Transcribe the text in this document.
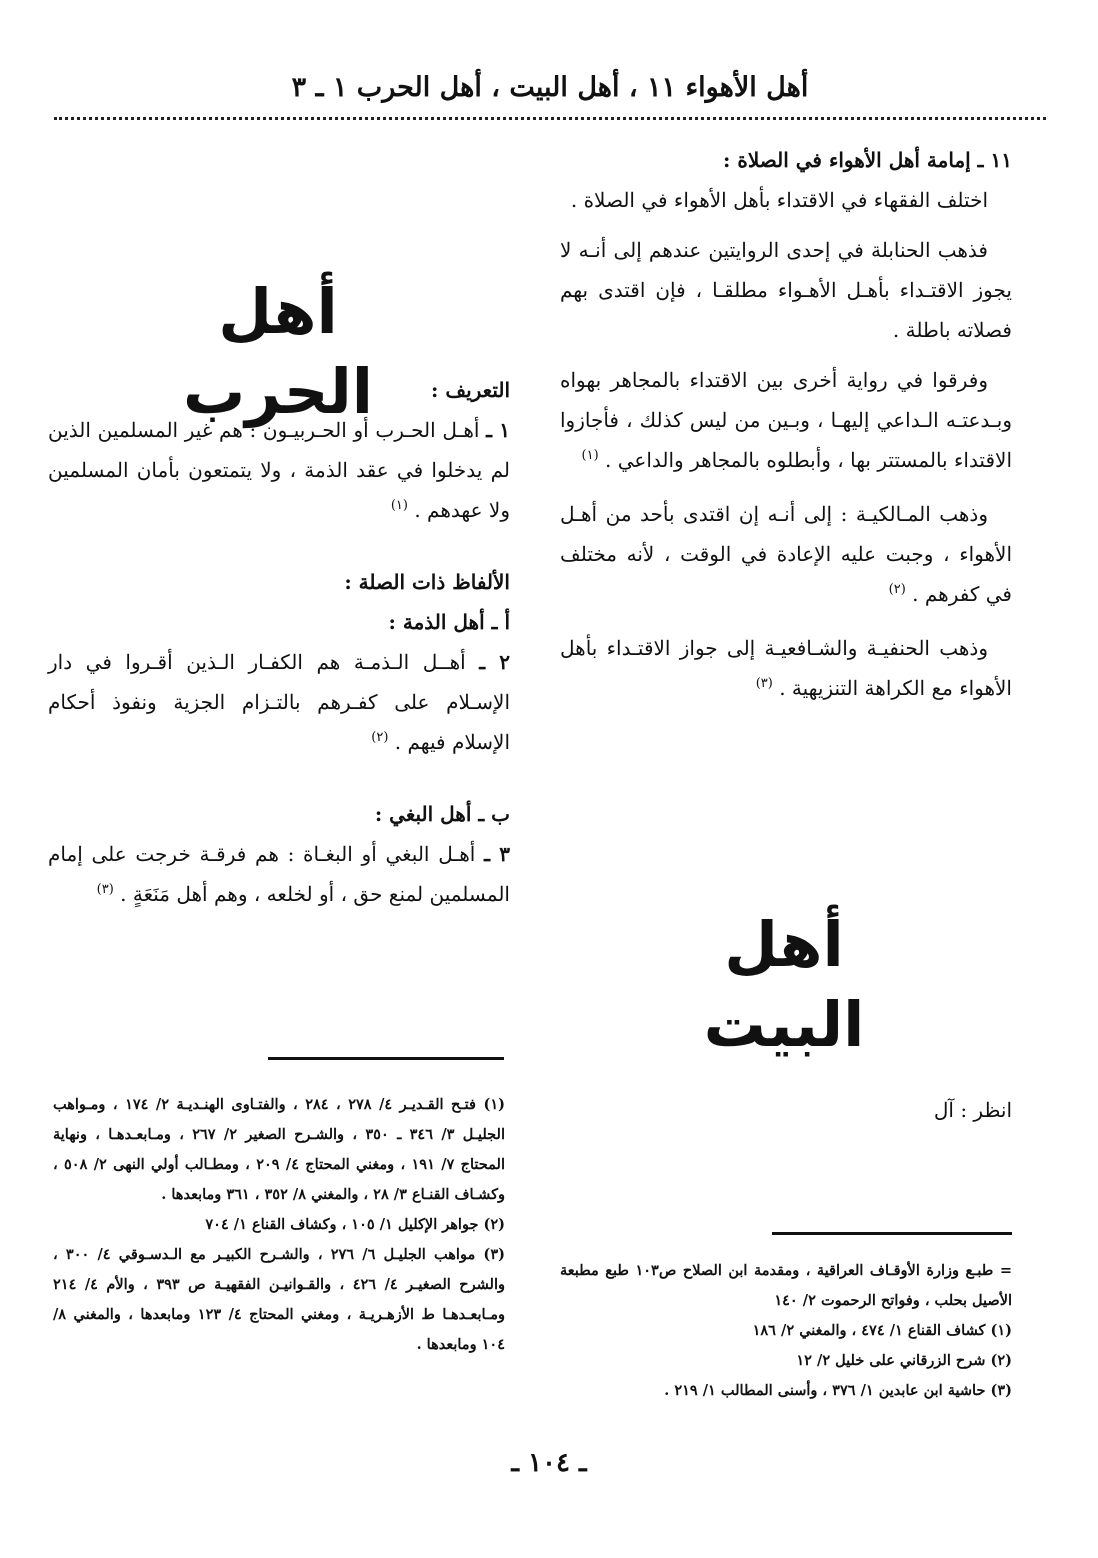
أهل الأهواء ١١ ، أهل البيت ، أهل الحرب ١ ـ ٣

١١ ـ إمامة أهل الأهواء في الصلاة :

اختلف الفقهاء في الاقتداء بأهل الأهواء في الصلاة .

فذهب الحنابلة في إحدى الروايتين عندهم إلى أنـه لا يجوز الاقتـداء بأهـل الأهـواء مطلقـا ، فإن اقتدى بهم فصلاته باطلة .

وفرقوا في رواية أخرى بين الاقتداء بالمجاهر بهواه وبـدعتـه الـداعي إليهـا ، وبـين من ليس كذلك ، فأجازوا الاقتداء بالمستتر بها ، وأبطلوه بالمجاهر والداعي . $^{(١)}$

وذهب المـالكيـة : إلى أنـه إن اقتدى بأحد من أهـل الأهواء ، وجبت عليه الإعادة في الوقت ، لأنه مختلف في كفرهم . $^{(٢)}$

وذهب الحنفيـة والشـافعيـة إلى جواز الاقتـداء بأهل الأهواء مع الكراهة التنزيهية . $^{(٣)}$

أهل الحرب	التعريف :

١ ـ أهـل الحـرب أو الحـربيـون : هم غير المسلمين الذين لم يدخلوا في عقد الذمة ، ولا يتمتعون بأمان المسلمين ولا عهدهم . $^{(١)}$

الألفاظ ذات الصلة :

أ ـ أهل الذمة :

٢ ـ أهــل الـذمـة هم الكفـار الـذين أقـروا في دار الإسـلام على كفـرهم بالتـزام الجزية ونفوذ أحكام الإسلام فيهم . $^{(٢)}$

ب ـ أهل البغي :

٣ ـ أهـل البغي أو البغـاة : هم فرقـة خرجت على إمام المسلمين لمنع حق ، أو لخلعه ، وهم أهل مَنَعَةٍ . $^{(٣)}$

أهل البيت
انظر : آل

(١) فتـح القـديـر ٤/ ٢٧٨ ، ٢٨٤ ، والفتـاوى الهنـديـة ٢/ ١٧٤ ، ومـواهب الجليـل ٣/ ٣٤٦ ـ ٣٥٠ ، والشـرح الصغير ٢/ ٢٦٧ ، ومـابعـدهـا ، ونهاية المحتاج ٧/ ١٩١ ، ومغني المحتاج ٤/ ٢٠٩ ، ومطـالب أولي النهى ٢/ ٥٠٨ ، وكشـاف القنـاع ٣/ ٢٨ ، والمغني ٨/ ٣٥٢ ، ٣٦١ ومابعدها .

(٢) جواهر الإكليل ١/ ١٠٥ ، وكشاف القناع ١/ ٧٠٤

(٣) مواهب الجليـل ٦/ ٢٧٦ ، والشـرح الكبيـر مع الـدسـوقي ٤/ ٣٠٠ ، والشرح الصغيـر ٤/ ٤٢٦ ، والقـوانيـن الفقهيـة ص ٣٩٣ ، والأم ٤/ ٢١٤ ومـابعـدهـا ط الأزهـريـة ، ومغني المحتاج ٤/ ١٢٣ ومابعدها ، والمغني ٨/ ١٠٤ ومابعدها .

= طبـع وزارة الأوقـاف العراقية ، ومقدمة ابن الصلاح ص١٠٣ طبع مطبعة الأصيل بحلب ، وفواتح الرحموت ٢/ ١٤٠

(١) كشاف القناع ١/ ٤٧٤ ، والمغني ٢/ ١٨٦

(٢) شرح الزرقاني على خليل ٢/ ١٢

(٣) حاشية ابن عابدين ١/ ٣٧٦ ، وأسنى المطالب ١/ ٢١٩ .

ـ ١٠٤ ـ
